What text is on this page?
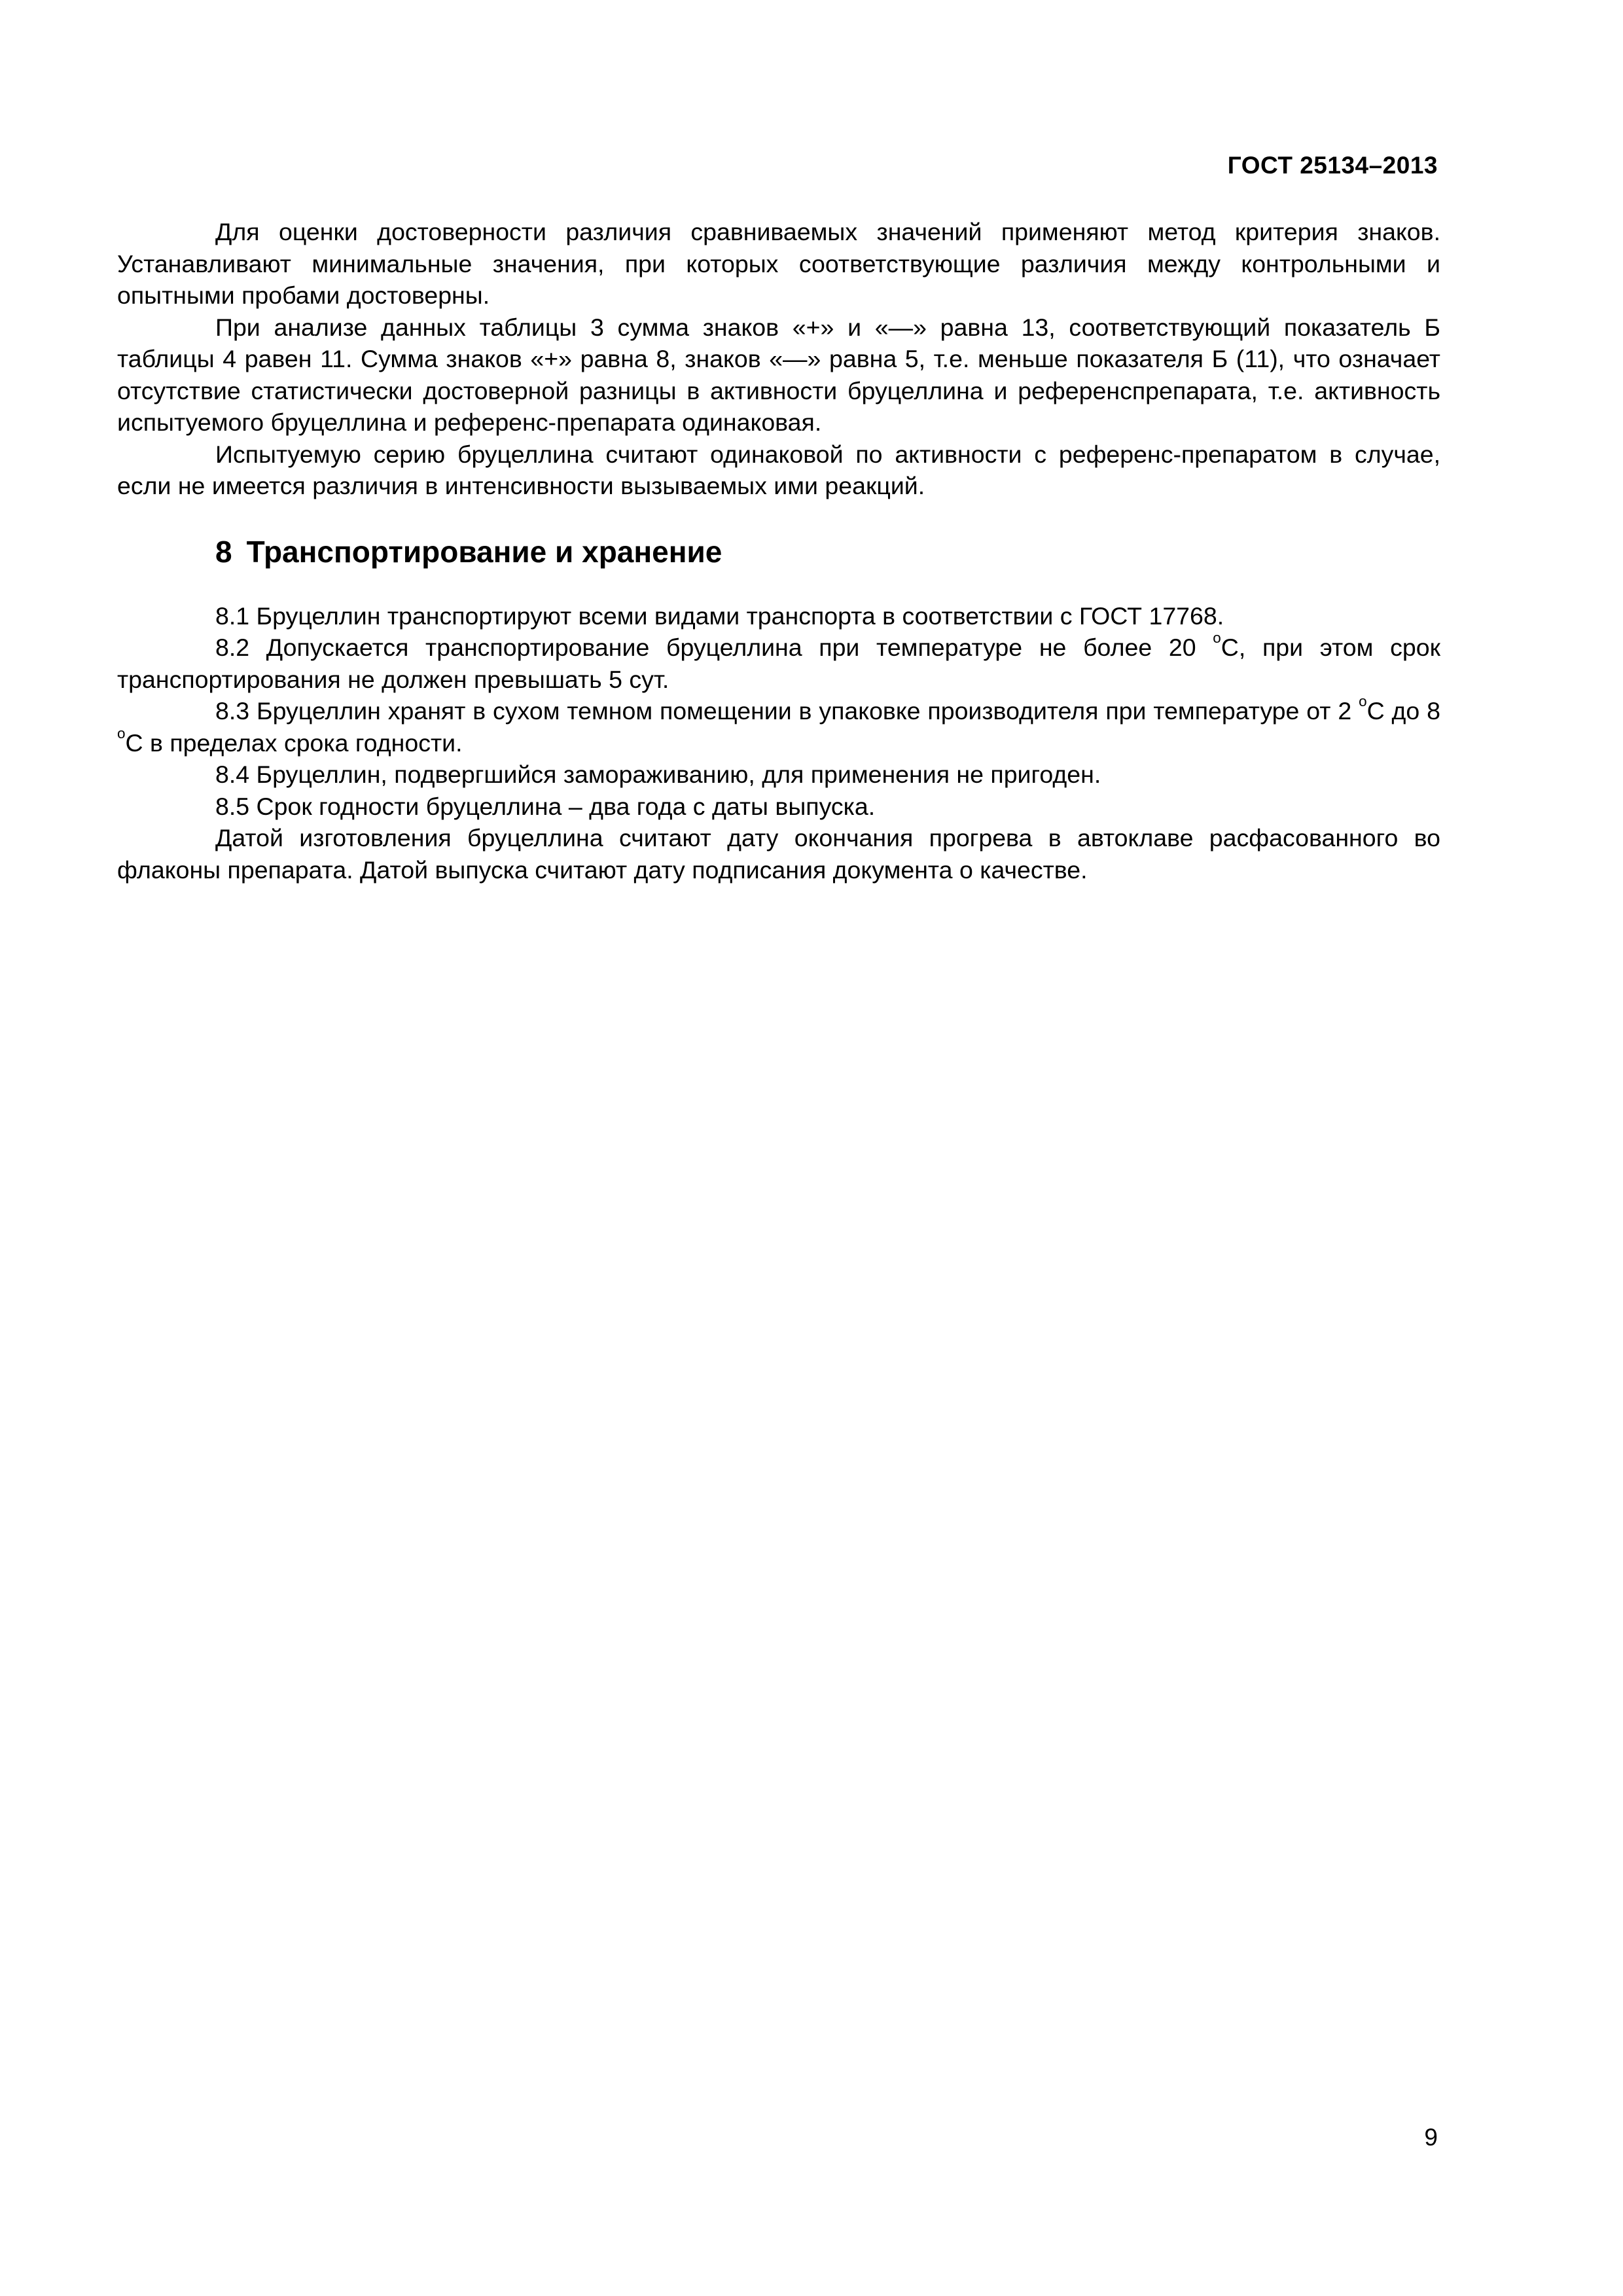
ГОСТ 25134–2013

Для оценки достоверности различия сравниваемых значений применяют метод критерия знаков. Устанавливают минимальные значения, при которых соответствующие различия между контрольными и опытными пробами достоверны.

При анализе данных таблицы 3 сумма знаков «+» и «—» равна 13, соответствующий показатель Б таблицы 4 равен 11. Сумма знаков «+» равна 8, знаков «—» равна 5, т.е. меньше показателя Б (11), что означает отсутствие статистически достоверной разницы в активности бруцеллина и референспрепарата, т.е. активность испытуемого бруцеллина и референс-препарата одинаковая.

Испытуемую серию бруцеллина считают одинаковой по активности с референс-препаратом в случае, если не имеется различия в интенсивности вызываемых ими реакций.

8 Транспортирование и хранение

8.1 Бруцеллин транспортируют всеми видами транспорта в соответствии с ГОСТ 17768.

8.2 Допускается транспортирование бруцеллина при температуре не более 20 $^о$С, при этом срок транспортирования не должен превышать 5 сут.

8.3 Бруцеллин хранят в сухом темном помещении в упаковке производителя при температуре от 2 $^о$С до 8 $^о$С в пределах срока годности.

8.4 Бруцеллин, подвергшийся замораживанию, для применения не пригоден.

8.5 Срок годности бруцеллина – два года с даты выпуска.

Датой изготовления бруцеллина считают дату окончания прогрева в автоклаве расфасованного во флаконы препарата. Датой выпуска считают дату подписания документа о качестве.

9
